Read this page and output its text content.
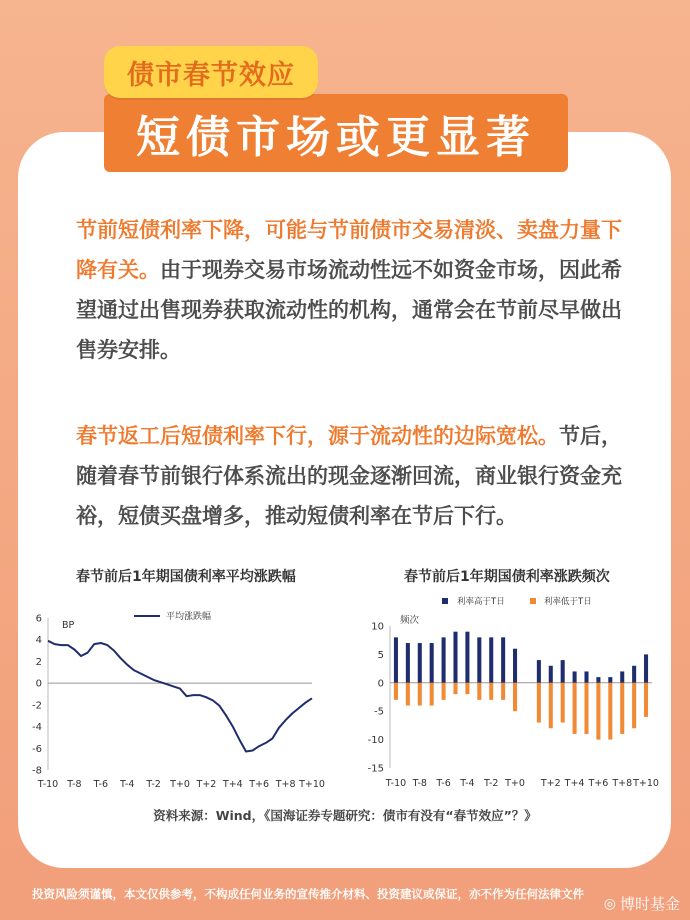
短债市场或更显著
债市春节效应
节前短债利率下降，可能与节前债市交易清淡、卖盘力量下降有关。由于现券交易市场流动性远不如资金市场，因此希望通过出售现券获取流动性的机构，通常会在节前尽早做出售券安排。
春节返工后短债利率下行，源于流动性的边际宽松。节后，随着春节前银行体系流出的现金逐渐回流，商业银行资金充裕，短债买盘增多，推动短债利率在节后下行。
春节前后1年期国债利率平均涨跌幅	春节前后1年期国债利率涨跌频次
6
4
2
0
-2
-4
-6
-8
T-10 T-8 T-6 T-4 T-2 T+0 T+2 T+4 T+6 T+8 T+10
BP
平均涨跌幅
10
5
0
-5
-10
-15
频次
利率高于T日	利率低于T日
T-10 T-8 T-6 T-4 T-2 T+0 T+2 T+4 T+6 T+8 T+10
资料来源：Wind，《国海证券专题研究：债市有没有“春节效应”？》
投资风险须谨慎，本文仅供参考，不构成任何业务的宣传推介材料、投资建议或保证，亦不作为任何法律文件
◎ 博时基金
